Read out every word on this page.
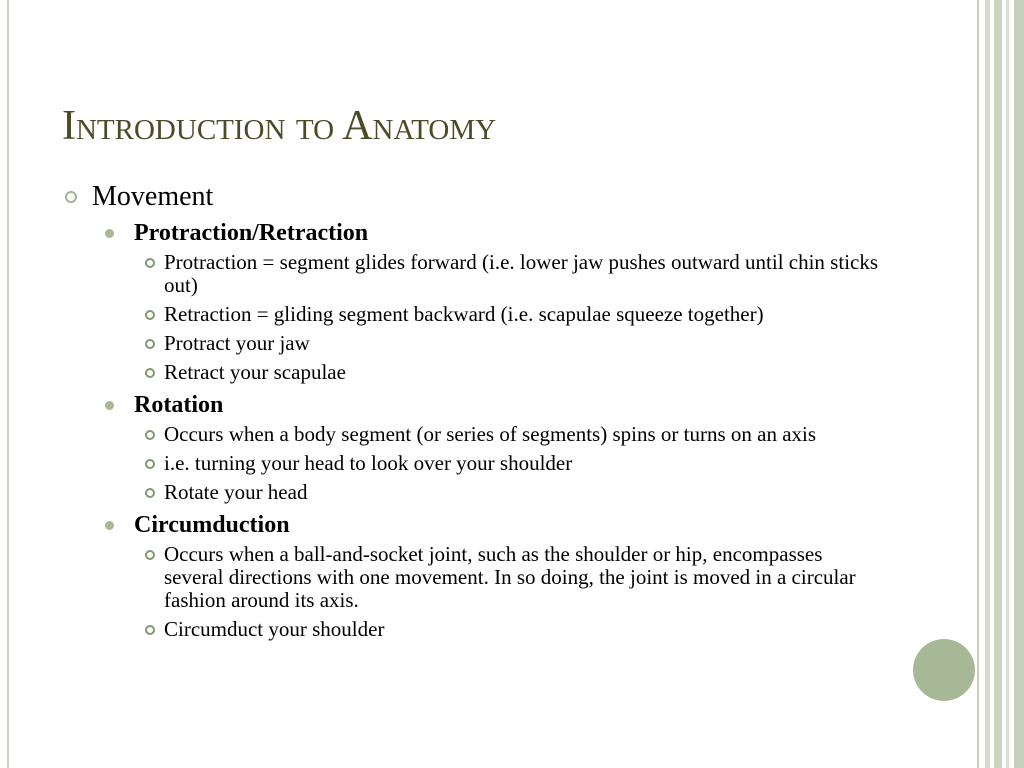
Introduction to Anatomy
Movement
Protraction/Retraction
Protraction = segment glides forward (i.e. lower jaw pushes outward until chin sticks out)
Retraction = gliding segment backward (i.e. scapulae squeeze together)
Protract your jaw
Retract your scapulae
Rotation
Occurs when a body segment (or series of segments) spins or turns on an axis
i.e. turning your head to look over your shoulder
Rotate your head
Circumduction
Occurs when a ball-and-socket joint, such as the shoulder or hip, encompasses several directions with one movement. In so doing, the joint is moved in a circular fashion around its axis.
Circumduct your shoulder
